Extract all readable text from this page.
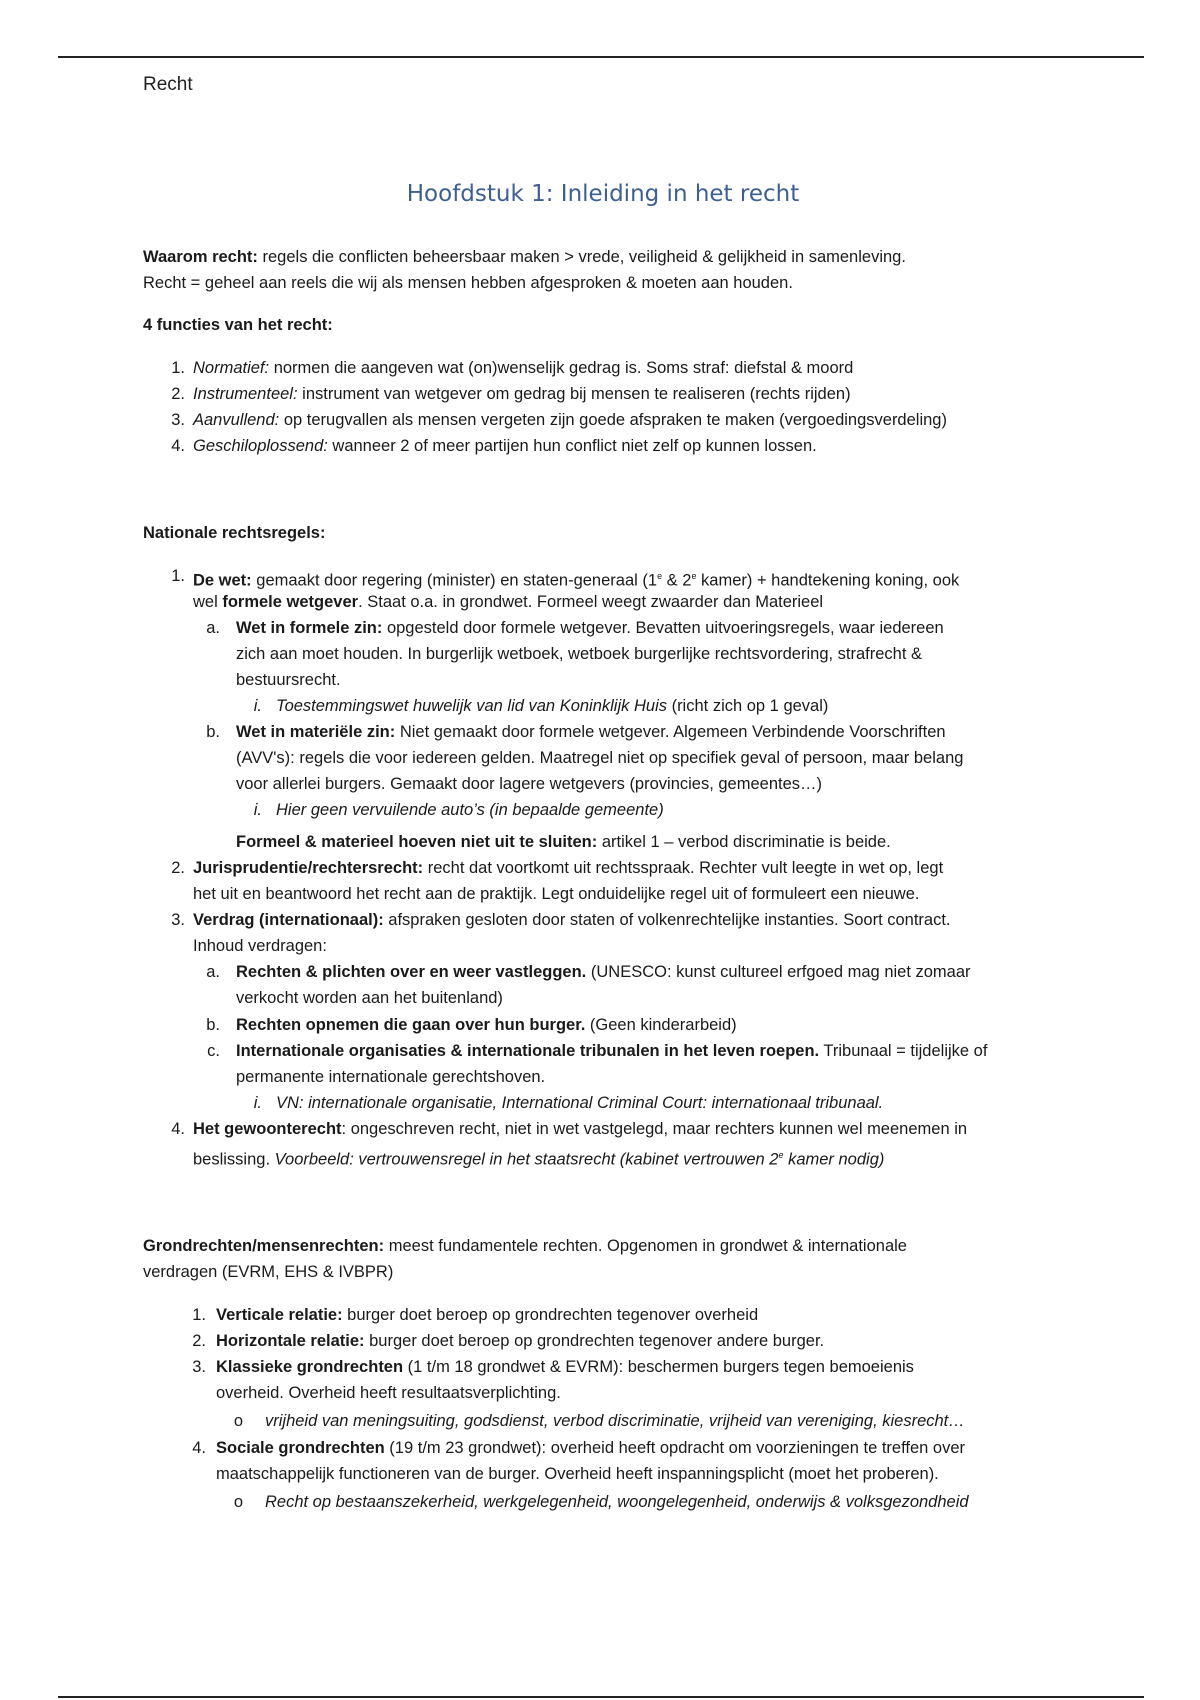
Recht
Hoofdstuk 1: Inleiding in het recht
Waarom recht: regels die conflicten beheersbaar maken > vrede, veiligheid & gelijkheid in samenleving.
Recht = geheel aan reels die wij als mensen hebben afgesproken & moeten aan houden.
4 functies van het recht:
1. Normatief: normen die aangeven wat (on)wenselijk gedrag is. Soms straf: diefstal & moord
2. Instrumenteel: instrument van wetgever om gedrag bij mensen te realiseren (rechts rijden)
3. Aanvullend: op terugvallen als mensen vergeten zijn goede afspraken te maken (vergoedingsverdeling)
4. Geschiloplossend: wanneer 2 of meer partijen hun conflict niet zelf op kunnen lossen.
Nationale rechtsregels:
1. De wet: gemaakt door regering (minister) en staten-generaal (1e & 2e kamer) + handtekening koning, ook
wel formele wetgever. Staat o.a. in grondwet. Formeel weegt zwaarder dan Materieel
a. Wet in formele zin: opgesteld door formele wetgever. Bevatten uitvoeringsregels, waar iedereen
zich aan moet houden. In burgerlijk wetboek, wetboek burgerlijke rechtsvordering, strafrecht &
bestuursrecht.
i. Toestemmingswet huwelijk van lid van Koninklijk Huis (richt zich op 1 geval)
b. Wet in materiële zin: Niet gemaakt door formele wetgever. Algemeen Verbindende Voorschriften
(AVV's): regels die voor iedereen gelden. Maatregel niet op specifiek geval of persoon, maar belang
voor allerlei burgers. Gemaakt door lagere wetgevers (provincies, gemeentes…)
i. Hier geen vervuilende auto’s (in bepaalde gemeente)
Formeel & materieel hoeven niet uit te sluiten: artikel 1 – verbod discriminatie is beide.
2. Jurisprudentie/rechtersrecht: recht dat voortkomt uit rechtsspraak. Rechter vult leegte in wet op, legt
het uit en beantwoord het recht aan de praktijk. Legt onduidelijke regel uit of formuleert een nieuwe.
3. Verdrag (internationaal): afspraken gesloten door staten of volkenrechtelijke instanties. Soort contract.
Inhoud verdragen:
a. Rechten & plichten over en weer vastleggen. (UNESCO: kunst cultureel erfgoed mag niet zomaar
verkocht worden aan het buitenland)
b. Rechten opnemen die gaan over hun burger. (Geen kinderarbeid)
c. Internationale organisaties & internationale tribunalen in het leven roepen. Tribunaal = tijdelijke of
permanente internationale gerechtshoven.
i. VN: internationale organisatie, International Criminal Court: internationaal tribunaal.
4. Het gewoonterecht: ongeschreven recht, niet in wet vastgelegd, maar rechters kunnen wel meenemen in
beslissing. Voorbeeld: vertrouwensregel in het staatsrecht (kabinet vertrouwen 2e kamer nodig)
Grondrechten/mensenrechten: meest fundamentele rechten. Opgenomen in grondwet & internationale
verdragen (EVRM, EHS & IVBPR)
1. Verticale relatie: burger doet beroep op grondrechten tegenover overheid
2. Horizontale relatie: burger doet beroep op grondrechten tegenover andere burger.
3. Klassieke grondrechten (1 t/m 18 grondwet & EVRM): beschermen burgers tegen bemoeienis
overheid. Overheid heeft resultaatsverplichting.
o vrijheid van meningsuiting, godsdienst, verbod discriminatie, vrijheid van vereniging, kiesrecht…
4. Sociale grondrechten (19 t/m 23 grondwet): overheid heeft opdracht om voorzieningen te treffen over
maatschappelijk functioneren van de burger. Overheid heeft inspanningsplicht (moet het proberen).
o Recht op bestaanszekerheid, werkgelegenheid, woongelegenheid, onderwijs & volksgezondheid
